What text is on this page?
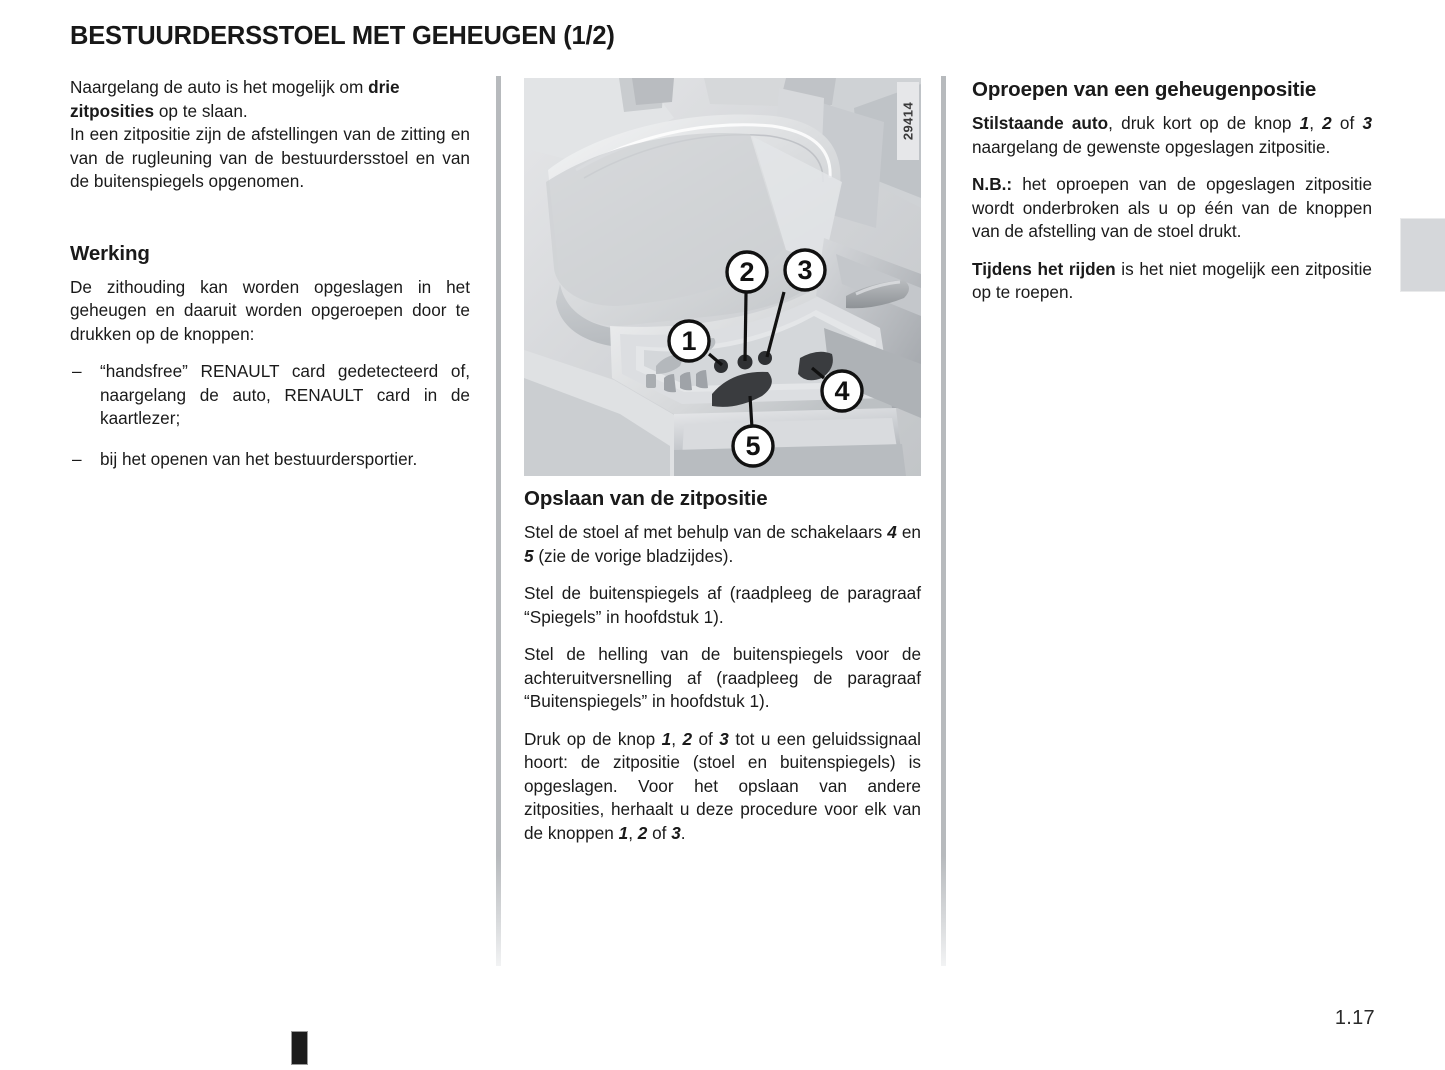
BESTUURDERSSTOEL MET GEHEUGEN (1/2)

Naargelang de auto is het mogelijk om drie zitposities op te slaan.

In een zitpositie zijn de afstellingen van de zitting en van de rugleuning van de bestuurdersstoel en van de buitenspiegels opgenomen.

Werking

De zithouding kan worden opgeslagen in het geheugen en daaruit worden opgeroepen door te drukken op de knoppen:

– “handsfree” RENAULT card gedetecteerd of, naargelang de auto, RENAULT card in de kaartlezer;
– bij het openen van het bestuurdersportier.
1
2 3
4
5
29414
Opslaan van de zitpositie

Stel de stoel af met behulp van de schakelaars 4 en 5 (zie de vorige bladzijdes).

Stel de buitenspiegels af (raadpleeg de paragraaf “Spiegels” in hoofdstuk 1).

Stel de helling van de buitenspiegels voor de achteruitversnelling af (raadpleeg de paragraaf “Buitenspiegels” in hoofdstuk 1).

Druk op de knop 1, 2 of 3 tot u een geluidssignaal hoort: de zitpositie (stoel en buitenspiegels) is opgeslagen. Voor het opslaan van andere zitposities, herhaalt u deze procedure voor elk van de knoppen 1, 2 of 3.

Oproepen van een geheugenpositie

Stilstaande auto, druk kort op de knop 1, 2 of 3 naargelang de gewenste opgeslagen zitpositie.

N.B.: het oproepen van de opgeslagen zitpositie wordt onderbroken als u op één van de knoppen van de afstelling van de stoel drukt.

Tijdens het rijden is het niet mogelijk een zitpositie op te roepen.

1.17
